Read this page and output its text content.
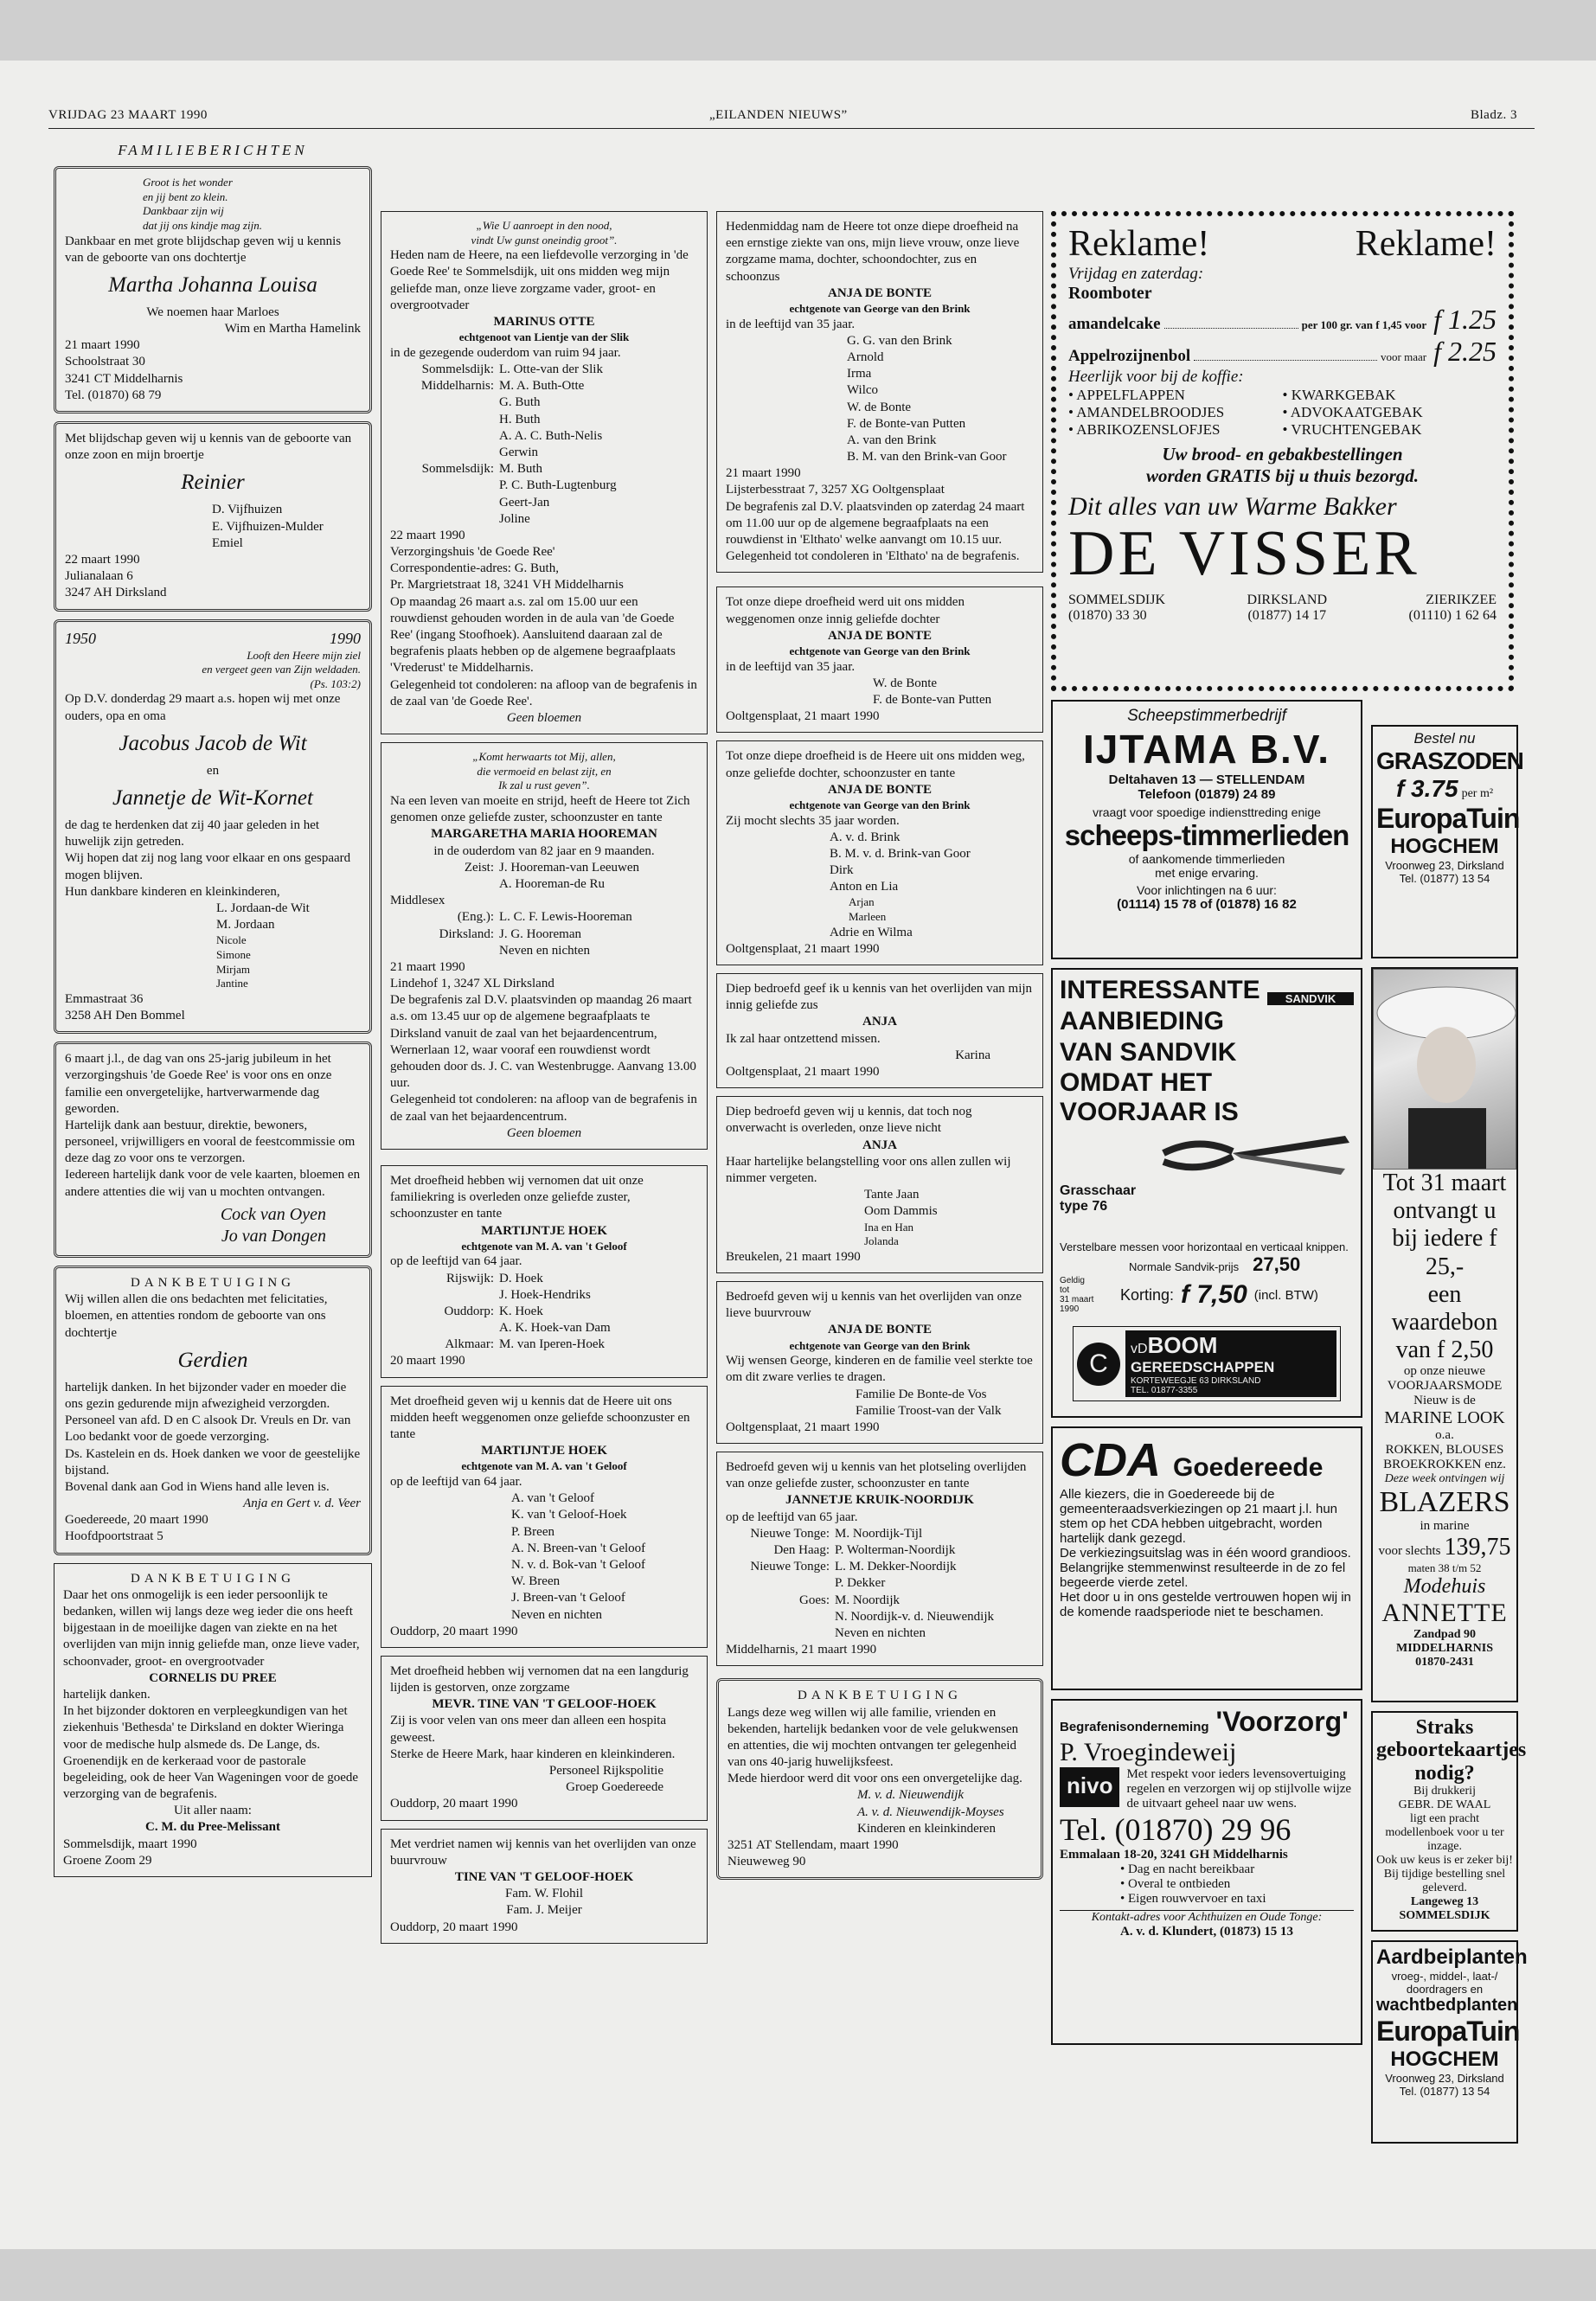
VRIJDAG 23 MAART 1990	„EILANDEN NIEUWS”	Bladz. 3
FAMILIEBERICHTEN
Groot is het wonder
en jij bent zo klein.
Dankbaar zijn wij
dat jij ons kindje mag zijn.
Dankbaar en met grote blijdschap geven wij u kennis van de geboorte van ons dochtertje
Martha Johanna Louisa
We noemen haar Marloes
Wim en Martha Hamelink
21 maart 1990
Schoolstraat 30
3241 CT Middelharnis
Tel. (01870) 68 79
Met blijdschap geven wij u kennis van de geboorte van onze zoon en mijn broertje
Reinier
D. Vijfhuizen
E. Vijfhuizen-Mulder
Emiel
22 maart 1990
Julianalaan 6
3247 AH Dirksland
1950	1990
Looft den Heere mijn ziel
en vergeet geen van Zijn weldaden.
(Ps. 103:2)
Op D.V. donderdag 29 maart a.s. hopen wij met onze ouders, opa en oma
Jacobus Jacob de Wit
en
Jannetje de Wit-Kornet
de dag te herdenken dat zij 40 jaar geleden in het huwelijk zijn getreden.
Wij hopen dat zij nog lang voor elkaar en ons gespaard mogen blijven.
Hun dankbare kinderen en kleinkinderen,
L. Jordaan-de Wit
M. Jordaan
Nicole
Simone
Mirjam
Jantine
Emmastraat 36
3258 AH Den Bommel
6 maart j.l., de dag van ons 25-jarig jubileum in het verzorgingshuis 'de Goede Ree' is voor ons en onze familie een onvergetelijke, hartverwarmende dag geworden.
Hartelijk dank aan bestuur, direktie, bewoners, personeel, vrijwilligers en vooral de feestcommissie om deze dag zo voor ons te verzorgen.
Iedereen hartelijk dank voor de vele kaarten, bloemen en andere attenties die wij van u mochten ontvangen.
Cock van Oyen
Jo van Dongen
DANKBETUIGING
Wij willen allen die ons bedachten met felicitaties, bloemen, en attenties rondom de geboorte van ons dochtertje
Gerdien
hartelijk danken. In het bijzonder vader en moeder die ons gezin gedurende mijn afwezigheid verzorgden. Personeel van afd. D en C alsook Dr. Vreuls en Dr. van Loo bedankt voor de goede verzorging.
Ds. Kastelein en ds. Hoek danken we voor de geestelijke bijstand.
Bovenal dank aan God in Wiens hand alle leven is.
Anja en Gert v. d. Veer
Goedereede, 20 maart 1990
Hoofdpoortstraat 5
DANKBETUIGING
Daar het ons onmogelijk is een ieder persoonlijk te bedanken, willen wij langs deze weg ieder die ons heeft bijgestaan in de moeilijke dagen van ziekte en na het overlijden van mijn innig geliefde man, onze lieve vader, schoonvader, groot- en overgrootvader
CORNELIS DU PREE
hartelijk danken.
In het bijzonder doktoren en verpleegkundigen van het ziekenhuis 'Bethesda' te Dirksland en dokter Wieringa voor de medische hulp alsmede ds. De Lange, ds. Groenendijk en de kerkeraad voor de pastorale begeleiding, ook de heer Van Wageningen voor de goede verzorging van de begrafenis.
Uit aller naam:
C. M. du Pree-Melissant
Sommelsdijk, maart 1990
Groene Zoom 29
„Wie U aanroept in den nood,
vindt Uw gunst oneindig groot”.
Heden nam de Heere, na een liefdevolle verzorging in 'de Goede Ree' te Sommelsdijk, uit ons midden weg mijn geliefde man, onze lieve zorgzame vader, groot- en overgrootvader
MARINUS OTTE
echtgenoot van Lientje van der Slik
in de gezegende ouderdom van ruim 94 jaar.
Sommelsdijk: L. Otte-van der Slik
Middelharnis: M. A. Buth-Otte
G. Buth
H. Buth
A. A. C. Buth-Nelis
Gerwin
Sommelsdijk: M. Buth
P. C. Buth-Lugtenburg
Geert-Jan
Joline
22 maart 1990
Verzorgingshuis 'de Goede Ree'
Correspondentie-adres: G. Buth,
Pr. Margrietstraat 18, 3241 VH Middelharnis
Op maandag 26 maart a.s. zal om 15.00 uur een rouwdienst gehouden worden in de aula van 'de Goede Ree' (ingang Stoofhoek). Aansluitend daaraan zal de begrafenis plaats hebben op de algemene begraafplaats 'Vrederust' te Middelharnis.
Gelegenheid tot condoleren: na afloop van de begrafenis in de zaal van 'de Goede Ree'.
Geen bloemen
„Komt herwaarts tot Mij, allen,
die vermoeid en belast zijt, en
Ik zal u rust geven”.
Na een leven van moeite en strijd, heeft de Heere tot Zich genomen onze geliefde zuster, schoonzuster en tante
MARGARETHA MARIA HOOREMAN
in de ouderdom van 82 jaar en 9 maanden.
Zeist: J. Hooreman-van Leeuwen
A. Hooreman-de Ru
Middlesex
(Eng.): L. C. F. Lewis-Hooreman
Dirksland: J. G. Hooreman
Neven en nichten
21 maart 1990
Lindehof 1, 3247 XL Dirksland
De begrafenis zal D.V. plaatsvinden op maandag 26 maart a.s. om 13.45 uur op de algemene begraafplaats te Dirksland vanuit de zaal van het bejaardencentrum, Wernerlaan 12, waar vooraf een rouwdienst wordt gehouden door ds. J. C. van Westenbrugge. Aanvang 13.00 uur.
Gelegenheid tot condoleren: na afloop van de begrafenis in de zaal van het bejaardencentrum.
Geen bloemen
Met droefheid hebben wij vernomen dat uit onze familiekring is overleden onze geliefde zuster, schoonzuster en tante
MARTIJNTJE HOEK
echtgenote van M. A. van 't Geloof
op de leeftijd van 64 jaar.
Rijswijk: D. Hoek
J. Hoek-Hendriks
Ouddorp: K. Hoek
A. K. Hoek-van Dam
Alkmaar: M. van Iperen-Hoek
20 maart 1990
Met droefheid geven wij u kennis dat de Heere uit ons midden heeft weggenomen onze geliefde schoonzuster en tante
MARTIJNTJE HOEK
echtgenote van M. A. van 't Geloof
op de leeftijd van 64 jaar.
A. van 't Geloof
K. van 't Geloof-Hoek
P. Breen
A. N. Breen-van 't Geloof
N. v. d. Bok-van 't Geloof
W. Breen
J. Breen-van 't Geloof
Neven en nichten
Ouddorp, 20 maart 1990
Met droefheid hebben wij vernomen dat na een langdurig lijden is gestorven, onze zorgzame
MEVR. TINE VAN 'T GELOOF-HOEK
Zij is voor velen van ons meer dan alleen een hospita geweest.
Sterke de Heere Mark, haar kinderen en kleinkinderen.
Personeel Rijkspolitie
Groep Goedereede
Ouddorp, 20 maart 1990
Met verdriet namen wij kennis van het overlijden van onze buurvrouw
TINE VAN 'T GELOOF-HOEK
Fam. W. Flohil
Fam. J. Meijer
Ouddorp, 20 maart 1990
Hedenmiddag nam de Heere tot onze diepe droefheid na een ernstige ziekte van ons, mijn lieve vrouw, onze lieve zorgzame mama, dochter, schoondochter, zus en schoonzus
ANJA DE BONTE
echtgenote van George van den Brink
in de leeftijd van 35 jaar.
G. G. van den Brink
Arnold
Irma
Wilco
W. de Bonte
F. de Bonte-van Putten
A. van den Brink
B. M. van den Brink-van Goor
21 maart 1990
Lijsterbesstraat 7, 3257 XG Ooltgensplaat
De begrafenis zal D.V. plaatsvinden op zaterdag 24 maart om 11.00 uur op de algemene begraafplaats na een rouwdienst in 'Elthato' welke aanvangt om 10.15 uur.
Gelegenheid tot condoleren in 'Elthato' na de begrafenis.
Tot onze diepe droefheid werd uit ons midden weggenomen onze innig geliefde dochter
ANJA DE BONTE
echtgenote van George van den Brink
in de leeftijd van 35 jaar.
W. de Bonte
F. de Bonte-van Putten
Ooltgensplaat, 21 maart 1990
Tot onze diepe droefheid is de Heere uit ons midden weg, onze geliefde dochter, schoonzuster en tante
ANJA DE BONTE
echtgenote van George van den Brink
Zij mocht slechts 35 jaar worden.
A. v. d. Brink
B. M. v. d. Brink-van Goor
Dirk
Anton en Lia
Arjan
Marleen
Adrie en Wilma
Ooltgensplaat, 21 maart 1990
Diep bedroefd geef ik u kennis van het overlijden van mijn innig geliefde zus
ANJA
Ik zal haar ontzettend missen.
Karina
Ooltgensplaat, 21 maart 1990
Diep bedroefd geven wij u kennis, dat toch nog onverwacht is overleden, onze lieve nicht
ANJA
Haar hartelijke belangstelling voor ons allen zullen wij nimmer vergeten.
Tante Jaan
Oom Dammis
Ina en Han
Jolanda
Breukelen, 21 maart 1990
Bedroefd geven wij u kennis van het overlijden van onze lieve buurvrouw
ANJA DE BONTE
echtgenote van George van den Brink
Wij wensen George, kinderen en de familie veel sterkte toe om dit zware verlies te dragen.
Familie De Bonte-de Vos
Familie Troost-van der Valk
Ooltgensplaat, 21 maart 1990
Bedroefd geven wij u kennis van het plotseling overlijden van onze geliefde zuster, schoonzuster en tante
JANNETJE KRUIK-NOORDIJK
op de leeftijd van 65 jaar.
Nieuwe Tonge: M. Noordijk-Tijl
Den Haag: P. Wolterman-Noordijk
Nieuwe Tonge: L. M. Dekker-Noordijk
P. Dekker
Goes: M. Noordijk
N. Noordijk-v. d. Nieuwendijk
Neven en nichten
Middelharnis, 21 maart 1990
DANKBETUIGING
Langs deze weg willen wij alle familie, vrienden en bekenden, hartelijk bedanken voor de vele gelukwensen en attenties, die wij mochten ontvangen ter gelegenheid van ons 40-jarig huwelijksfeest.
Mede hierdoor werd dit voor ons een onvergetelijke dag.
M. v. d. Nieuwendijk
A. v. d. Nieuwendijk-Moyses
Kinderen en kleinkinderen
3251 AT Stellendam, maart 1990
Nieuweweg 90
Reklame!	Reklame!
Vrijdag en zaterdag:
Roomboter
amandelcake	per 100 gr. van f 1,45 voor f 1.25
Appelrozijnenbol	voor maar f 2.25
Heerlijk voor bij de koffie:
• APPELFLAPPEN	• KWARKGEBAK
• AMANDELBROODJES	• ADVOKAATGEBAK
• ABRIKOZENSLOFJES	• VRUCHTENGEBAK
Uw brood- en gebakbestellingen
worden GRATIS bij u thuis bezorgd.
Dit alles van uw Warme Bakker
DE VISSER
SOMMELSDIJK
(01870) 33 30
DIRKSLAND
(01877) 14 17
ZIERIKZEE
(01110) 1 62 64
Scheepstimmerbedrijf
IJTAMA B.V.
Deltahaven 13 — STELLENDAM
Telefoon (01879) 24 89
vraagt voor spoedige indiensttreding enige
scheeps-timmerlieden
of aankomende timmerlieden
met enige ervaring.
Voor inlichtingen na 6 uur:
(01114) 15 78 of (01878) 16 82
INTERESSANTE
AANBIEDING
VAN SANDVIK
SANDVIK
OMDAT HET VOORJAAR IS
Grasschaar
type 76
Verstelbare messen voor horizontaal en verticaal knippen.
Normale Sandvik-prijs 27,50
Geldig
tot
31 maart
1990
Korting: f 7,50 (incl. BTW)
C	vDBOOM
GEREEDSCHAPPEN
KORTEWEEGJE 63 DIRKSLAND
TEL. 01877-3355
CDA Goedereede
Alle kiezers, die in Goedereede bij de gemeenteraadsverkiezingen op 21 maart j.l. hun stem op het CDA hebben uitgebracht, worden hartelijk dank gezegd.
De verkiezingsuitslag was in één woord grandioos.
Belangrijke stemmenwinst resulteerde in de zo fel begeerde vierde zetel.
Het door u in ons gestelde vertrouwen hopen wij in de komende raadsperiode niet te beschamen.
Begrafenisonderneming 'Voorzorg'
P. Vroegindeweij
nivo	Met respekt voor ieders levensovertuiging regelen en verzorgen wij op stijlvolle wijze de uitvaart geheel naar uw wens.
Tel. (01870) 29 96
Emmalaan 18-20, 3241 GH Middelharnis
• Dag en nacht bereikbaar
• Overal te ontbieden
• Eigen rouwvervoer en taxi
Kontakt-adres voor Achthuizen en Oude Tonge:
A. v. d. Klundert, (01873) 15 13
Bestel nu
GRASZODEN
f 3.75 per m²
EuropaTuin
HOGCHEM
Vroonweg 23, Dirksland
Tel. (01877) 13 54
Tot 31 maart
ontvangt u
bij iedere f 25,-
een
waardebon
van f 2,50
op onze nieuwe
VOORJAARSMODE
Nieuw is de
MARINE LOOK
o.a.
ROKKEN, BLOUSES
BROEKROKKEN enz.
Deze week ontvingen wij
BLAZERS
in marine
voor slechts 139,75
maten 38 t/m 52
Modehuis
ANNETTE
Zandpad 90
MIDDELHARNIS
01870-2431
Straks
geboortekaartjes
nodig?
Bij drukkerij
GEBR. DE WAAL
ligt een pracht modellenboek voor u ter inzage.
Ook uw keus is er zeker bij!
Bij tijdige bestelling snel geleverd.
Langeweg 13
SOMMELSDIJK
Aardbeiplanten
vroeg-, middel-, laat-/
doordragers en
wachtbedplanten
EuropaTuin
HOGCHEM
Vroonweg 23, Dirksland
Tel. (01877) 13 54
